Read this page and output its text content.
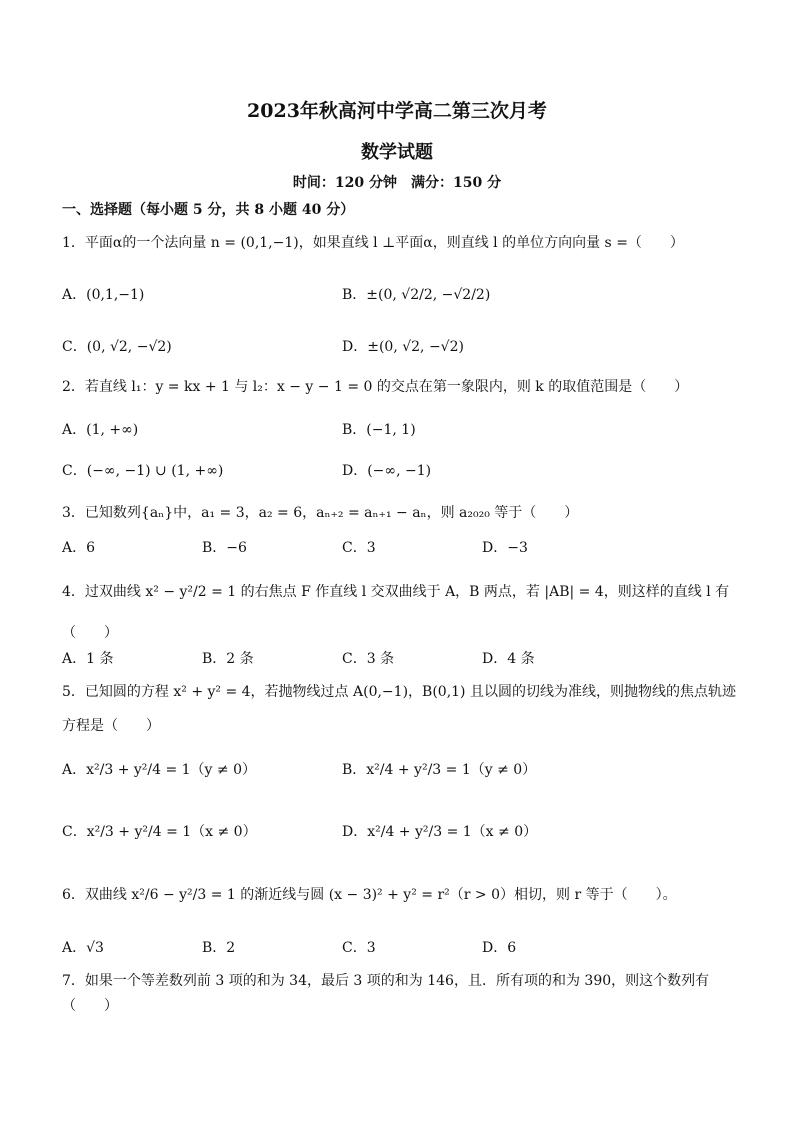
2023年秋高河中学高二第三次月考
数学试题
时间：120 分钟　满分：150 分
一、选择题（每小题 5 分，共 8 小题 40 分）
1．平面α的一个法向量 n = (0,1,−1)，如果直线 l ⊥平面α，则直线 l 的单位方向向量 s =（　　）
A．(0,1,−1)	B．±(0, √2/2, −√2/2)
C．(0, √2, −√2)	D．±(0, √2, −√2)
2．若直线 l₁：y = kx + 1 与 l₂：x − y − 1 = 0 的交点在第一象限内，则 k 的取值范围是（　　）
A．(1, +∞)	B．(−1, 1)
C．(−∞, −1) ∪ (1, +∞)	D．(−∞, −1)
3．已知数列{aₙ}中，a₁ = 3，a₂ = 6，aₙ₊₂ = aₙ₊₁ − aₙ，则 a₂₀₂₀ 等于（　　）
A．6	B．−6	C．3	D．−3
4．过双曲线 x² − y²/2 = 1 的右焦点 F 作直线 l 交双曲线于 A，B 两点，若 |AB| = 4，则这样的直线 l 有
（　　）
A．1 条	B．2 条	C．3 条	D．4 条
5．已知圆的方程 x² + y² = 4，若抛物线过点 A(0,−1)，B(0,1) 且以圆的切线为准线，则抛物线的焦点轨迹
方程是（　　）
A．x²/3 + y²/4 = 1（y ≠ 0）	B．x²/4 + y²/3 = 1（y ≠ 0）
C．x²/3 + y²/4 = 1（x ≠ 0）	D．x²/4 + y²/3 = 1（x ≠ 0）
6．双曲线 x²/6 − y²/3 = 1 的渐近线与圆 (x − 3)² + y² = r²（r > 0）相切，则 r 等于（　　）。
A．√3	B．2	C．3	D．6
7．如果一个等差数列前 3 项的和为 34，最后 3 项的和为 146，且．所有项的和为 390，则这个数列有
（　　）
